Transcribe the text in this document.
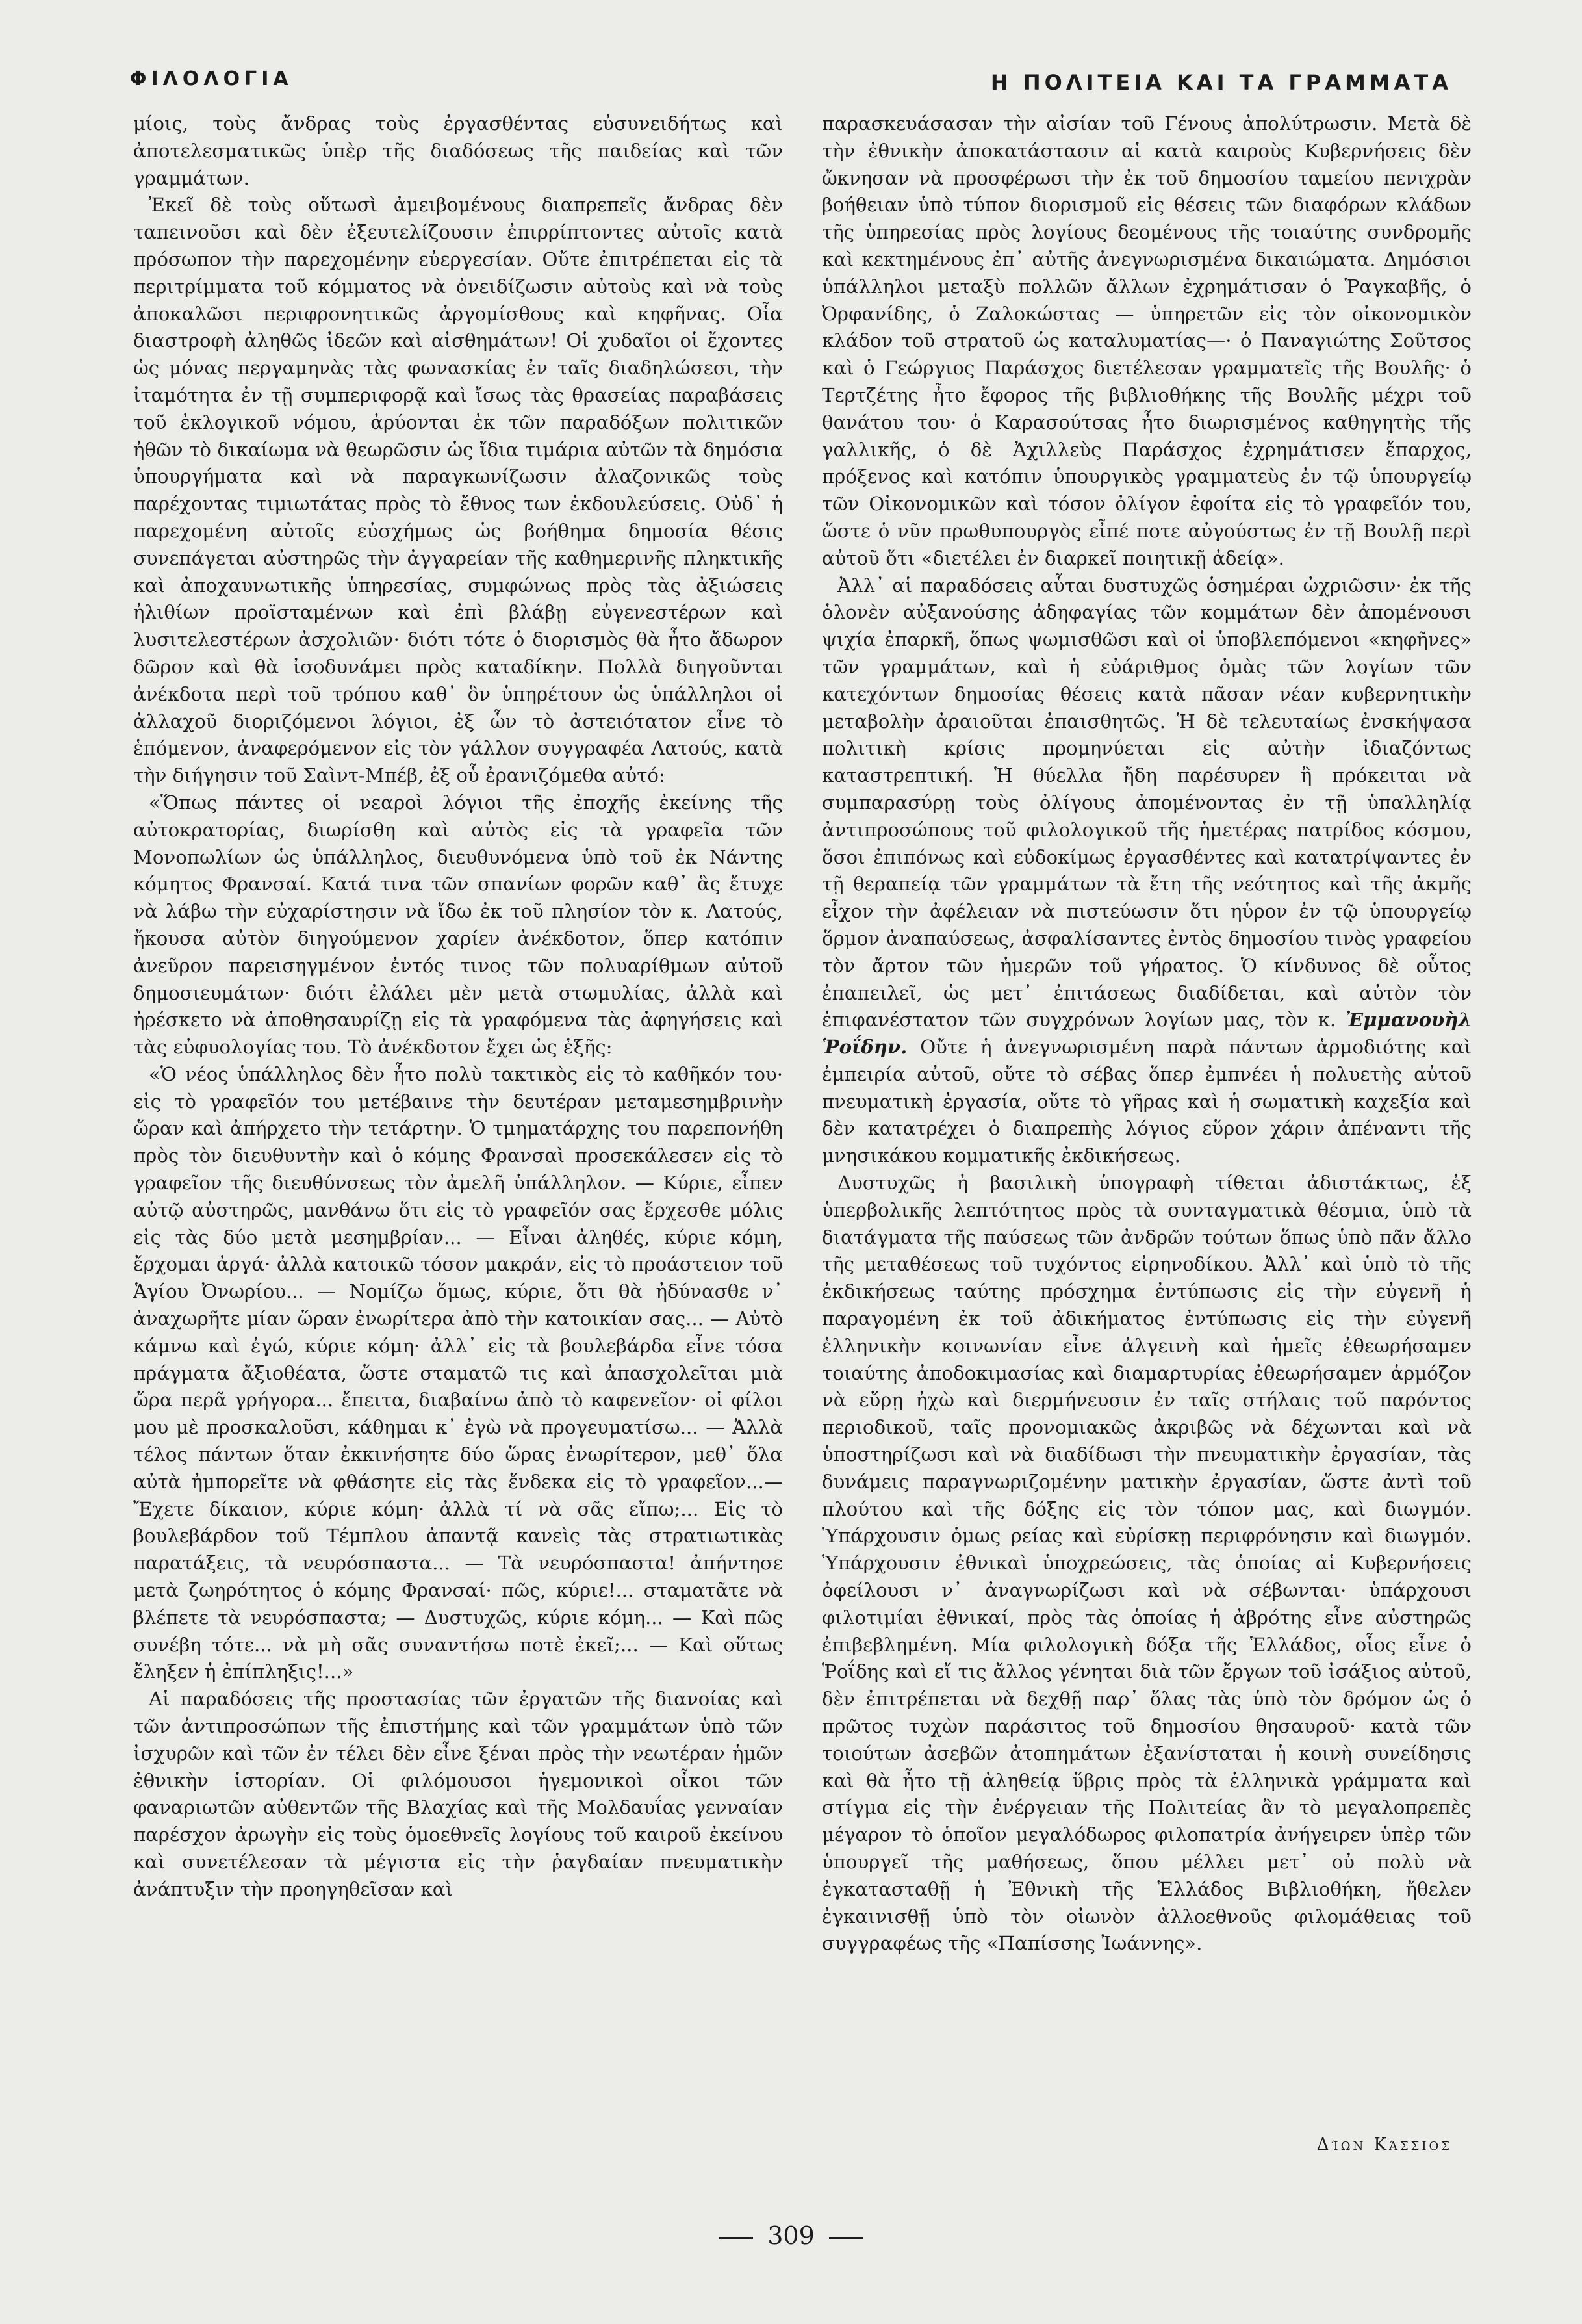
ΦΙΛΟΛΟΓΙΑ	Η ΠΟΛΙΤΕΙΑ ΚΑΙ ΤΑ ΓΡΑΜΜΑΤΑ

μίοις, τοὺς ἄνδρας τοὺς ἐργασθέντας εὐσυνειδήτως καὶ ἀποτελεσματικῶς ὑπὲρ τῆς διαδόσεως τῆς παιδείας καὶ τῶν γραμμάτων.

Ἐκεῖ δὲ τοὺς οὕτωσὶ ἀμειβομένους διαπρεπεῖς ἄνδρας δὲν ταπεινοῦσι καὶ δὲν ἐξευτελίζουσιν ἐπιρρίπτοντες αὐτοῖς κατὰ πρόσωπον τὴν παρεχομένην εὐεργεσίαν. Οὔτε ἐπιτρέπεται εἰς τὰ περιτρίμματα τοῦ κόμματος νὰ ὀνειδίζωσιν αὐτοὺς καὶ νὰ τοὺς ἀποκαλῶσι περιφρονητικῶς ἀργομίσθους καὶ κηφῆνας. Οἷα διαστροφὴ ἀληθῶς ἰδεῶν καὶ αἰσθημάτων! Οἱ χυδαῖοι οἱ ἔχοντες ὡς μόνας περγαμηνὰς τὰς φωνασκίας ἐν ταῖς διαδηλώσεσι, τὴν ἰταμότητα ἐν τῇ συμπεριφορᾷ καὶ ἴσως τὰς θρασείας παραβάσεις τοῦ ἐκλογικοῦ νόμου, ἀρύονται ἐκ τῶν παραδόξων πολιτικῶν ἠθῶν τὸ δικαίωμα νὰ θεωρῶσιν ὡς ἴδια τιμάρια αὐτῶν τὰ δημόσια ὑπουργήματα καὶ νὰ παραγκωνίζωσιν ἀλαζονικῶς τοὺς παρέχοντας τιμιωτάτας πρὸς τὸ ἔθνος των ἐκδουλεύσεις. Οὐδ᾿ ἡ παρεχομένη αὐτοῖς εὐσχήμως ὡς βοήθημα δημοσία θέσις συνεπάγεται αὐστηρῶς τὴν ἀγγαρείαν τῆς καθημερινῆς πληκτικῆς καὶ ἀποχαυνωτικῆς ὑπηρεσίας, συμφώνως πρὸς τὰς ἀξιώσεις ἠλιθίων προϊσταμένων καὶ ἐπὶ βλάβῃ εὐγενεστέρων καὶ λυσιτελεστέρων ἀσχολιῶν· διότι τότε ὁ διορισμὸς θὰ ἦτο ἄδωρον δῶρον καὶ θὰ ἰσοδυνάμει πρὸς καταδίκην. Πολλὰ διηγοῦνται ἀνέκδοτα περὶ τοῦ τρόπου καθ᾿ ὃν ὑπηρέτουν ὡς ὑπάλληλοι οἱ ἀλλαχοῦ διοριζόμενοι λόγιοι, ἐξ ὧν τὸ ἀστειότατον εἶνε τὸ ἑπόμενον, ἀναφερόμενον εἰς τὸν γάλλον συγγραφέα Λατούς, κατὰ τὴν διήγησιν τοῦ Σαὶντ-Μπέβ, ἐξ οὗ ἐρανιζόμεθα αὐτό:

«Ὅπως πάντες οἱ νεαροὶ λόγιοι τῆς ἐποχῆς ἐκείνης τῆς αὐτοκρατορίας, διωρίσθη καὶ αὐτὸς εἰς τὰ γραφεῖα τῶν Μονοπωλίων ὡς ὑπάλληλος, διευθυνόμενα ὑπὸ τοῦ ἐκ Νάντης κόμητος Φρανσαί. Κατά τινα τῶν σπανίων φορῶν καθ᾿ ἃς ἔτυχε νὰ λάβω τὴν εὐχαρίστησιν νὰ ἴδω ἐκ τοῦ πλησίον τὸν κ. Λατούς, ἤκουσα αὐτὸν διηγούμενον χαρίεν ἀνέκδοτον, ὅπερ κατόπιν ἀνεῦρον παρεισηγμένον ἐντός τινος τῶν πολυαρίθμων αὐτοῦ δημοσιευμάτων· διότι ἐλάλει μὲν μετὰ στωμυλίας, ἀλλὰ καὶ ἠρέσκετο νὰ ἀποθησαυρίζῃ εἰς τὰ γραφόμενα τὰς ἀφηγήσεις καὶ τὰς εὐφυολογίας του. Τὸ ἀνέκδοτον ἔχει ὡς ἑξῆς:

«Ὁ νέος ὑπάλληλος δὲν ἦτο πολὺ τακτικὸς εἰς τὸ καθῆκόν του· εἰς τὸ γραφεῖόν του μετέβαινε τὴν δευτέραν μεταμεσημβρινὴν ὥραν καὶ ἀπήρχετο τὴν τετάρτην. Ὁ τμηματάρχης του παρεπονήθη πρὸς τὸν διευθυντὴν καὶ ὁ κόμης Φρανσαὶ προσεκάλεσεν εἰς τὸ γραφεῖον τῆς διευθύνσεως τὸν ἀμελῆ ὑπάλληλον. — Κύριε, εἶπεν αὐτῷ αὐστηρῶς, μανθάνω ὅτι εἰς τὸ γραφεῖόν σας ἔρχεσθε μόλις εἰς τὰς δύο μετὰ μεσημβρίαν... — Εἶναι ἀληθές, κύριε κόμη, ἔρχομαι ἀργά· ἀλλὰ κατοικῶ τόσον μακράν, εἰς τὸ προάστειον τοῦ Ἁγίου Ὀνωρίου... — Νομίζω ὅμως, κύριε, ὅτι θὰ ἠδύνασθε ν᾿ ἀναχωρῆτε μίαν ὥραν ἐνωρίτερα ἀπὸ τὴν κατοικίαν σας... — Αὐτὸ κάμνω καὶ ἐγώ, κύριε κόμη· ἀλλ᾿ εἰς τὰ βουλεβάρδα εἶνε τόσα πράγματα ἄξιοθέατα, ὥστε σταματῶ τις καὶ ἀπασχολεῖται μιὰ ὥρα περᾶ γρήγορα... ἔπειτα, διαβαίνω ἀπὸ τὸ καφενεῖον· οἱ φίλοι μου μὲ προσκαλοῦσι, κάθημαι κ᾿ ἐγὼ νὰ προγευματίσω... — Ἀλλὰ τέλος πάντων ὅταν ἐκκινήσητε δύο ὥρας ἐνωρίτερον, μεθ᾿ ὅλα αὐτὰ ἠμπορεῖτε νὰ φθάσητε εἰς τὰς ἕνδεκα εἰς τὸ γραφεῖον...—Ἔχετε δίκαιον, κύριε κόμη· ἀλλὰ τί νὰ σᾶς εἴπω;... Εἰς τὸ βουλεβάρδον τοῦ Τέμπλου ἀπαντᾷ κανεὶς τὰς στρατιωτικὰς παρατάξεις, τὰ νευρόσπαστα... — Τὰ νευρόσπαστα! ἀπήντησε μετὰ ζωηρότητος ὁ κόμης Φρανσαί· πῶς, κύριε!... σταματᾶτε νὰ βλέπετε τὰ νευρόσπαστα; — Δυστυχῶς, κύριε κόμη... — Καὶ πῶς συνέβη τότε... νὰ μὴ σᾶς συναντήσω ποτὲ ἐκεῖ;... — Καὶ οὕτως ἔληξεν ἡ ἐπίπληξις!...»

Αἱ παραδόσεις τῆς προστασίας τῶν ἐργατῶν τῆς διανοίας καὶ τῶν ἀντιπροσώπων τῆς ἐπιστήμης καὶ τῶν γραμμάτων ὑπὸ τῶν ἰσχυρῶν καὶ τῶν ἐν τέλει δὲν εἶνε ξέναι πρὸς τὴν νεωτέραν ἡμῶν ἐθνικὴν ἱστορίαν. Οἱ φιλόμουσοι ἡγεμονικοὶ οἶκοι τῶν φαναριωτῶν αὐθεντῶν τῆς Βλαχίας καὶ τῆς Μολδαυΐας γενναίαν παρέσχον ἀρωγὴν εἰς τοὺς ὁμοεθνεῖς λογίους τοῦ καιροῦ ἐκείνου καὶ συνετέλεσαν τὰ μέγιστα εἰς τὴν ῥαγδαίαν πνευματικὴν ἀνάπτυξιν τὴν προηγηθεῖσαν καὶ

παρασκευάσασαν τὴν αἰσίαν τοῦ Γένους ἀπολύτρωσιν. Μετὰ δὲ τὴν ἐθνικὴν ἀποκατάστασιν αἱ κατὰ καιροὺς Κυβερνήσεις δὲν ὤκνησαν νὰ προσφέρωσι τὴν ἐκ τοῦ δημοσίου ταμείου πενιχρὰν βοήθειαν ὑπὸ τύπον διορισμοῦ εἰς θέσεις τῶν διαφόρων κλάδων τῆς ὑπηρεσίας πρὸς λογίους δεομένους τῆς τοιαύτης συνδρομῆς καὶ κεκτημένους ἐπ᾿ αὐτῆς ἀνεγνωρισμένα δικαιώματα. Δημόσιοι ὑπάλληλοι μεταξὺ πολλῶν ἄλλων ἐχρημάτισαν ὁ Ῥαγκαβῆς, ὁ Ὀρφανίδης, ὁ Ζαλοκώστας — ὑπηρετῶν εἰς τὸν οἰκονομικὸν κλάδον τοῦ στρατοῦ ὡς καταλυματίας—· ὁ Παναγιώτης Σοῦτσος καὶ ὁ Γεώργιος Παράσχος διετέλεσαν γραμματεῖς τῆς Βουλῆς· ὁ Τερτζέτης ἦτο ἔφορος τῆς βιβλιοθήκης τῆς Βουλῆς μέχρι τοῦ θανάτου του· ὁ Καρασούτσας ἦτο διωρισμένος καθηγητὴς τῆς γαλλικῆς, ὁ δὲ Ἀχιλλεὺς Παράσχος ἐχρημάτισεν ἔπαρχος, πρόξενος καὶ κατόπιν ὑπουργικὸς γραμματεὺς ἐν τῷ ὑπουργείῳ τῶν Οἰκονομικῶν καὶ τόσον ὀλίγον ἐφοίτα εἰς τὸ γραφεῖόν του, ὥστε ὁ νῦν πρωθυπουργὸς εἶπέ ποτε αὐγούστως ἐν τῇ Βουλῇ περὶ αὐτοῦ ὅτι «διετέλει ἐν διαρκεῖ ποιητικῇ ἀδείᾳ».

Ἀλλ᾿ αἱ παραδόσεις αὗται δυστυχῶς ὁσημέραι ὠχριῶσιν· ἐκ τῆς ὁλονὲν αὐξανούσης ἀδηφαγίας τῶν κομμάτων δὲν ἀπομένουσι ψιχία ἐπαρκῆ, ὅπως ψωμισθῶσι καὶ οἱ ὑποβλεπόμενοι «κηφῆνες» τῶν γραμμάτων, καὶ ἡ εὐάριθμος ὁμὰς τῶν λογίων τῶν κατεχόντων δημοσίας θέσεις κατὰ πᾶσαν νέαν κυβερνητικὴν μεταβολὴν ἀραιοῦται ἐπαισθητῶς. Ἡ δὲ τελευταίως ἐνσκήψασα πολιτικὴ κρίσις προμηνύεται εἰς αὐτὴν ἰδιαζόντως καταστρεπτική. Ἡ θύελλα ἤδη παρέσυρεν ἢ πρόκειται νὰ συμπαρασύρῃ τοὺς ὀλίγους ἀπομένοντας ἐν τῇ ὑπαλληλίᾳ ἀντιπροσώπους τοῦ φιλολογικοῦ τῆς ἡμετέρας πατρίδος κόσμου, ὅσοι ἐπιπόνως καὶ εὐδοκίμως ἐργασθέντες καὶ κατατρίψαντες ἐν τῇ θεραπείᾳ τῶν γραμμάτων τὰ ἔτη τῆς νεότητος καὶ τῆς ἀκμῆς εἶχον τὴν ἀφέλειαν νὰ πιστεύωσιν ὅτι ηὑρον ἐν τῷ ὑπουργείῳ ὅρμον ἀναπαύσεως, ἀσφαλίσαντες ἐντὸς δημοσίου τινὸς γραφείου τὸν ἄρτον τῶν ἡμερῶν τοῦ γήρατος. Ὁ κίνδυνος δὲ οὗτος ἐπαπειλεῖ, ὡς μετ᾿ ἐπιτάσεως διαδίδεται, καὶ αὐτὸν τὸν ἐπιφανέστατον τῶν συγχρόνων λογίων μας, τὸν κ. Ἐμμανουὴλ Ῥοΐδην. Οὔτε ἡ ἀνεγνωρισμένη παρὰ πάντων ἁρμοδιότης καὶ ἐμπειρία αὐτοῦ, οὔτε τὸ σέβας ὅπερ ἐμπνέει ἡ πολυετὴς αὐτοῦ πνευματικὴ ἐργασία, οὔτε τὸ γῆρας καὶ ἡ σωματικὴ καχεξία καὶ δὲν κατατρέχει ὁ διαπρεπὴς λόγιος εὕρον χάριν ἀπέναντι τῆς μνησικάκου κομματικῆς ἐκδικήσεως.

Δυστυχῶς ἡ βασιλικὴ ὑπογραφὴ τίθεται ἀδιστάκτως, ἐξ ὑπερβολικῆς λεπτότητος πρὸς τὰ συνταγματικὰ θέσμια, ὑπὸ τὰ διατάγματα τῆς παύσεως τῶν ἀνδρῶν τούτων ὅπως ὑπὸ πᾶν ἄλλο τῆς μεταθέσεως τοῦ τυχόντος εἰρηνοδίκου. Ἀλλ᾿ καὶ ὑπὸ τὸ τῆς ἐκδικήσεως ταύτης πρόσχημα ἐντύπωσις εἰς τὴν εὐγενῆ ἡ παραγομένη ἐκ τοῦ ἀδικήματος ἐντύπωσις εἰς τὴν εὐγενῆ ἑλληνικὴν κοινωνίαν εἶνε ἀλγεινὴ καὶ ἡμεῖς ἐθεωρήσαμεν τοιαύτης ἀποδοκιμασίας καὶ διαμαρτυρίας ἐθεωρήσαμεν ἁρμόζον νὰ εὕρῃ ἠχὼ καὶ διερμήνευσιν ἐν ταῖς στήλαις τοῦ παρόντος περιοδικοῦ, ταῖς προνομιακῶς ἀκριβῶς νὰ δέχωνται καὶ νὰ ὑποστηρίζωσι καὶ νὰ διαδίδωσι τὴν πνευματικὴν ἐργασίαν, τὰς δυνάμεις παραγνωριζομένην ματικὴν ἐργασίαν, ὥστε ἀντὶ τοῦ πλούτου καὶ τῆς δόξης εἰς τὸν τόπον μας, καὶ διωγμόν. Ὑπάρχουσιν ὁμως ρείας καὶ εὐρίσκῃ περιφρόνησιν καὶ διωγμόν. Ὑπάρχουσιν ἐθνικαὶ ὑποχρεώσεις, τὰς ὁποίας αἱ Κυβερνήσεις ὀφείλουσι ν᾿ ἀναγνωρίζωσι καὶ νὰ σέβωνται· ὑπάρχουσι φιλοτιμίαι ἐθνικαί, πρὸς τὰς ὁποίας ἡ ἀβρότης εἶνε αὐστηρῶς ἐπιβεβλημένη. Μία φιλολογικὴ δόξα τῆς Ἑλλάδος, οἷος εἶνε ὁ Ῥοΐδης καὶ εἴ τις ἄλλος γένηται διὰ τῶν ἔργων τοῦ ἰσάξιος αὐτοῦ, δὲν ἐπιτρέπεται νὰ δεχθῇ παρ᾿ ὅλας τὰς ὑπὸ τὸν δρόμον ὡς ὁ πρῶτος τυχὼν παράσιτος τοῦ δημοσίου θησαυροῦ· κατὰ τῶν τοιούτων ἀσεβῶν ἀτοπημάτων ἐξανίσταται ἡ κοινὴ συνείδησις καὶ θὰ ἦτο τῇ ἀληθείᾳ ὕβρις πρὸς τὰ ἑλληνικὰ γράμματα καὶ στίγμα εἰς τὴν ἐνέργειαν τῆς Πολιτείας ἂν τὸ μεγαλοπρεπὲς μέγαρον τὸ ὁποῖον μεγαλόδωρος φιλοπατρία ἀνήγειρεν ὑπὲρ τῶν ὑπουργεῖ τῆς μαθήσεως, ὅπου μέλλει μετ᾿ οὐ πολὺ νὰ ἐγκατασταθῇ ἡ Ἐθνικὴ τῆς Ἑλλάδος Βιβλιοθήκη, ἤθελεν ἐγκαινισθῇ ὑπὸ τὸν οἰωνὸν ἀλλοεθνοῦς φιλομάθειας τοῦ συγγραφέως τῆς «Παπίσσης Ἰωάννης».

Δίων Κάσσιος
309
